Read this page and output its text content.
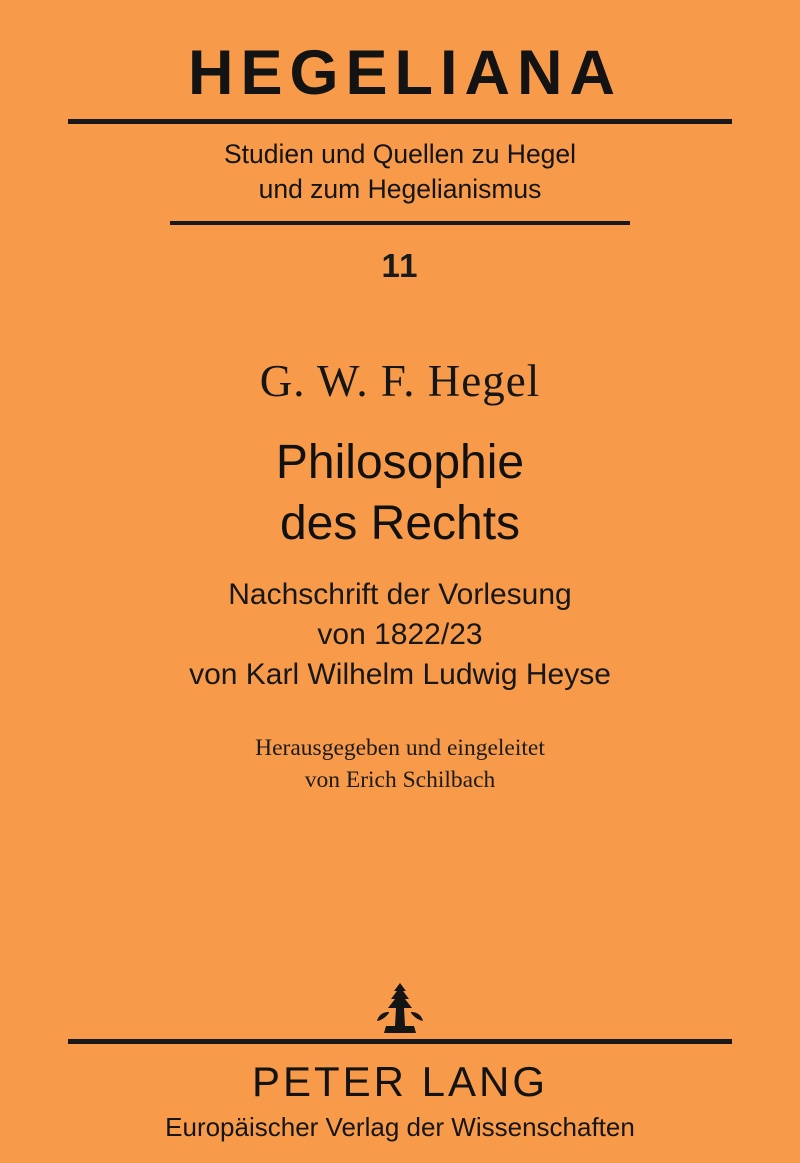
HEGELIANA
Studien und Quellen zu Hegel
und zum Hegelianismus
11
G. W. F. Hegel
Philosophie
des Rechts
Nachschrift der Vorlesung
von 1822/23
von Karl Wilhelm Ludwig Heyse
Herausgegeben und eingeleitet
von Erich Schilbach
PETER LANG
Europäischer Verlag der Wissenschaften
